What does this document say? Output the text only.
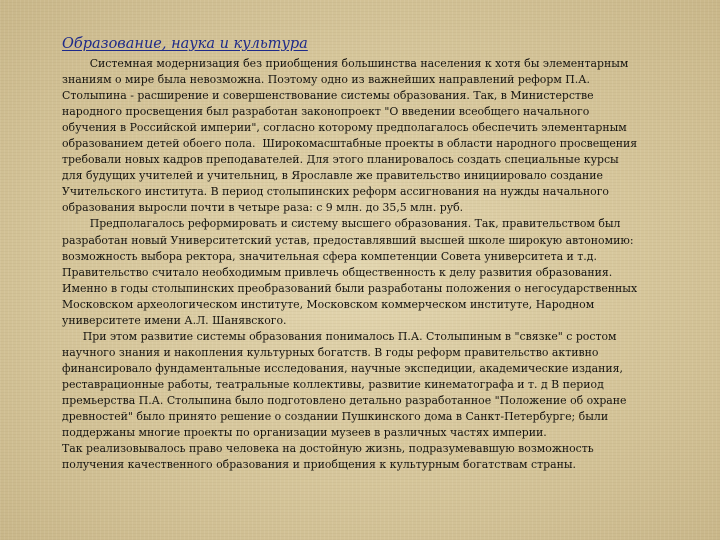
Образование, наука и культура
Системная модернизация без приобщения большинства населения к хотя бы элементарным
знаниям о мире была невозможна. Поэтому одно из важнейших направлений реформ П.А.
Столыпина - расширение и совершенствование системы образования. Так, в Министерстве
народного просвещения был разработан законопроект "О введении всеобщего начального
обучения в Российской империи", согласно которому предполагалось обеспечить элементарным
образованием детей обоего пола.  Широкомасштабные проекты в области народного просвещения
требовали новых кадров преподавателей. Для этого планировалось создать специальные курсы
для будущих учителей и учительниц, в Ярославле же правительство инициировало создание
Учительского института. В период столыпинских реформ ассигнования на нужды начального
образования выросли почти в четыре раза: с 9 млн. до 35,5 млн. руб.
Предполагалось реформировать и систему высшего образования. Так, правительством был
разработан новый Университетский устав, предоставлявший высшей школе широкую автономию:
возможность выбора ректора, значительная сфера компетенции Совета университета и т.д.
Правительство считало необходимым привлечь общественность к делу развития образования.
Именно в годы столыпинских преобразований были разработаны положения о негосударственных
Московском археологическом институте, Московском коммерческом институте, Народном
университете имени А.Л. Шанявского.
При этом развитие системы образования понималось П.А. Столыпиным в "связке" с ростом
научного знания и накопления культурных богатств. В годы реформ правительство активно
финансировало фундаментальные исследования, научные экспедиции, академические издания,
реставрационные работы, театральные коллективы, развитие кинематографа и т. д В период
премьерства П.А. Столыпина было подготовлено детально разработанное "Положение об охране
древностей" было принято решение о создании Пушкинского дома в Санкт-Петербурге; были
поддержаны многие проекты по организации музеев в различных частях империи.
Так реализовывалось право человека на достойную жизнь, подразумевавшую возможность
получения качественного образования и приобщения к культурным богатствам страны.
